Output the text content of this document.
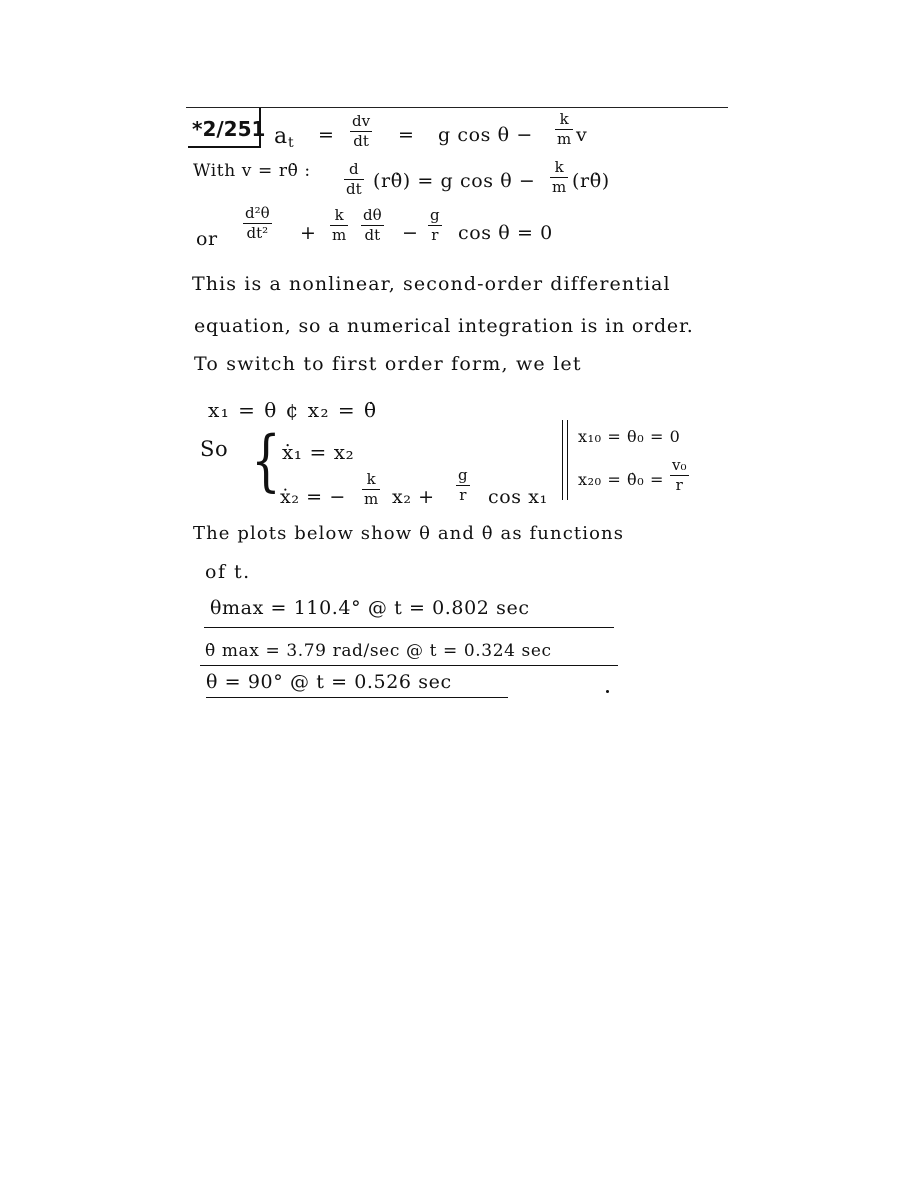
*2/251 a t =
dv
dt = g cos θ −
k
m v
With v = rθ̇ :	d
dt (rθ̇) = g cos θ −
k
m (rθ̇)
or
d²θ
dt² +
k
m
dθ
dt −
g
r cos θ = 0
This is a nonlinear, second-order differential
equation, so a numerical integration is in order.
To switch to first order form, we let
x₁ = θ ¢ x₂ = θ̇
So { ẋ₁ = x₂
ẋ₂ = −
k
m x₂ +
g
r cos x₁
x₁₀ = θ₀ = 0
x₂₀ = θ̇₀ =
v₀
r
The plots below show θ and θ̇ as functions
of t.
θmax = 110.4° @ t = 0.802 sec
θ̇ max = 3.79 rad/sec @ t = 0.324 sec
θ = 90° @ t = 0.526 sec
